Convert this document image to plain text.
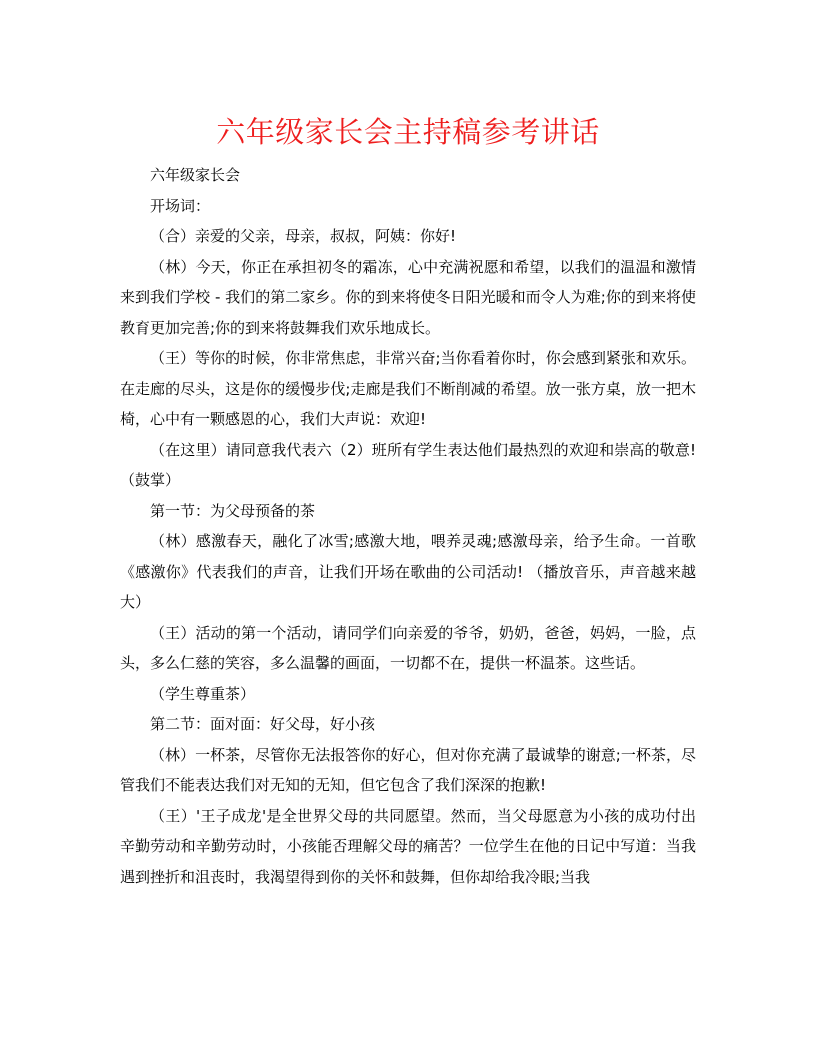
六年级家长会主持稿参考讲话

六年级家长会

开场词：

（合）亲爱的父亲，母亲，叔叔，阿姨：你好!

（林）今天，你正在承担初冬的霜冻，心中充满祝愿和希望，以我们的温温和激情来到我们学校 - 我们的第二家乡。你的到来将使冬日阳光暖和而令人为难;你的到来将使教育更加完善;你的到来将鼓舞我们欢乐地成长。

（王）等你的时候，你非常焦虑，非常兴奋;当你看着你时，你会感到紧张和欢乐。在走廊的尽头，这是你的缓慢步伐;走廊是我们不断削减的希望。放一张方桌，放一把木椅，心中有一颗感恩的心，我们大声说：欢迎!

（在这里）请同意我代表六（2）班所有学生表达他们最热烈的欢迎和崇高的敬意! （鼓掌）

第一节：为父母预备的茶

（林）感激春天，融化了冰雪;感激大地，喂养灵魂;感激母亲，给予生命。一首歌《感激你》代表我们的声音，让我们开场在歌曲的公司活动! （播放音乐，声音越来越大）

（王）活动的第一个活动，请同学们向亲爱的爷爷，奶奶，爸爸，妈妈，一脸，点头，多么仁慈的笑容，多么温馨的画面，一切都不在，提供一杯温茶。这些话。

（学生尊重茶）

第二节：面对面：好父母，好小孩

（林）一杯茶，尽管你无法报答你的好心，但对你充满了最诚挚的谢意;一杯茶，尽管我们不能表达我们对无知的无知，但它包含了我们深深的抱歉!

（王）'王子成龙'是全世界父母的共同愿望。然而，当父母愿意为小孩的成功付出辛勤劳动和辛勤劳动时，小孩能否理解父母的痛苦？一位学生在他的日记中写道：当我遇到挫折和沮丧时，我渴望得到你的关怀和鼓舞，但你却给我冷眼;当我
